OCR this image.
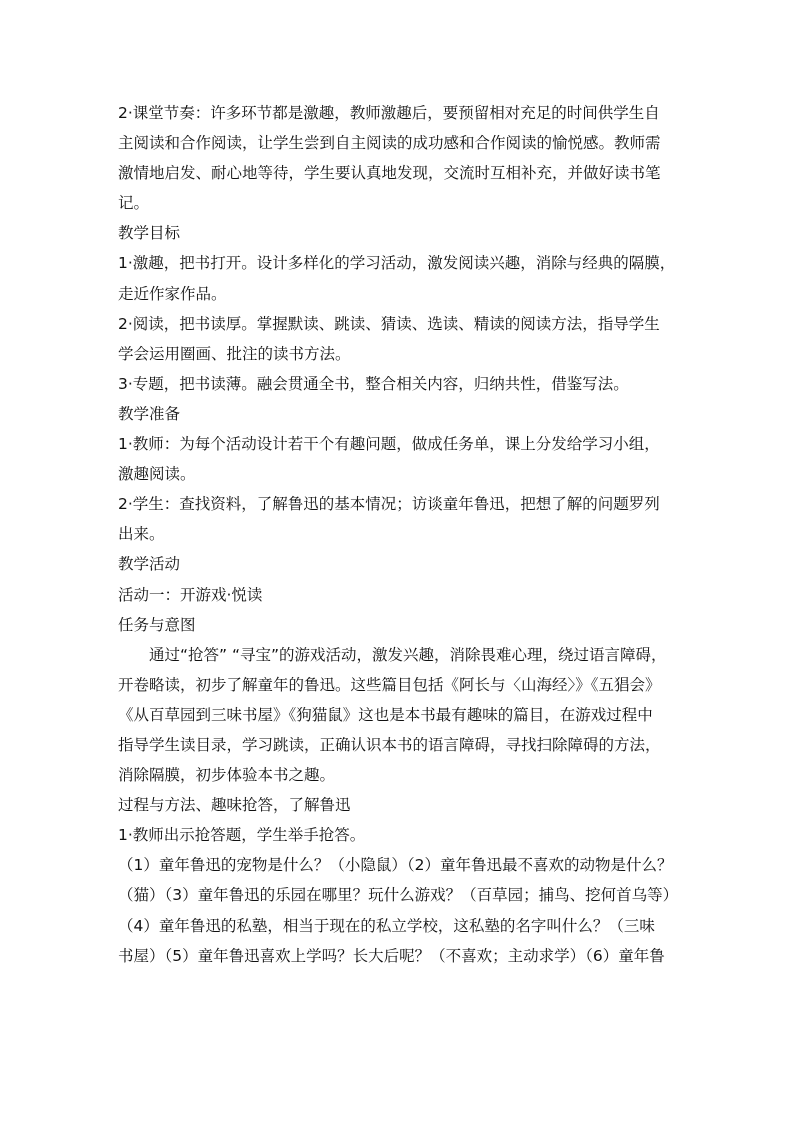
2·课堂节奏：许多环节都是激趣，教师激趣后，要预留相对充足的时间供学生自
主阅读和合作阅读，让学生尝到自主阅读的成功感和合作阅读的愉悦感。教师需
激情地启发、耐心地等待，学生要认真地发现，交流时互相补充，并做好读书笔
记。
教学目标
1·激趣，把书打开。设计多样化的学习活动，激发阅读兴趣，消除与经典的隔膜，
走近作家作品。
2·阅读，把书读厚。掌握默读、跳读、猜读、选读、精读的阅读方法，指导学生
学会运用圈画、批注的读书方法。
3·专题，把书读薄。融会贯通全书，整合相关内容，归纳共性，借鉴写法。
教学准备
1·教师：为每个活动设计若干个有趣问题，做成任务单，课上分发给学习小组，
激趣阅读。
2·学生：查找资料，了解鲁迅的基本情况；访谈童年鲁迅，把想了解的问题罗列
出来。
教学活动
活动一：开游戏·悦读
任务与意图
　　通过“抢答” “寻宝”的游戏活动，激发兴趣，消除畏难心理，绕过语言障碍，
开卷略读，初步了解童年的鲁迅。这些篇目包括《阿长与〈山海经〉》《五猖会》
《从百草园到三味书屋》《狗猫鼠》这也是本书最有趣味的篇目，在游戏过程中
指导学生读目录，学习跳读，正确认识本书的语言障碍，寻找扫除障碍的方法，
消除隔膜，初步体验本书之趣。
过程与方法、趣味抢答，了解鲁迅
1·教师出示抢答题，学生举手抢答。
（1）童年鲁迅的宠物是什么？（小隐鼠）（2）童年鲁迅最不喜欢的动物是什么？
（猫）（3）童年鲁迅的乐园在哪里？玩什么游戏？（百草园；捕鸟、挖何首乌等）
（4）童年鲁迅的私塾，相当于现在的私立学校，这私塾的名字叫什么？（三味
书屋）（5）童年鲁迅喜欢上学吗？长大后呢？（不喜欢；主动求学）（6）童年鲁
